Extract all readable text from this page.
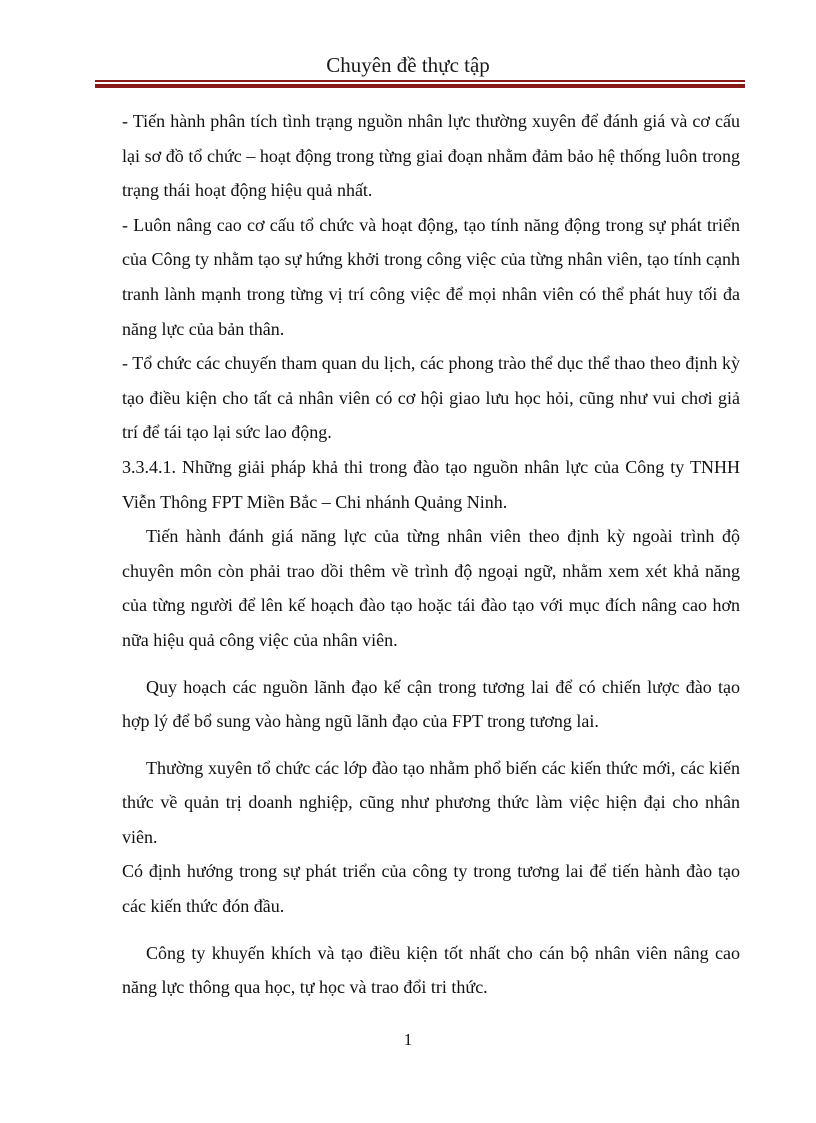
Chuyên đề thực tập

- Tiến hành phân tích tình trạng nguồn nhân lực thường xuyên để đánh giá và cơ cấu lại sơ đồ tổ chức – hoạt động trong từng giai đoạn nhằm đảm bảo hệ thống luôn trong trạng thái hoạt động hiệu quả nhất.

- Luôn nâng cao cơ cấu tổ chức và hoạt động, tạo tính năng động trong sự phát triển của Công ty nhằm tạo sự hứng khởi trong công việc của từng nhân viên, tạo tính cạnh tranh lành mạnh trong từng vị trí công việc để mọi nhân viên có thể phát huy tối đa năng lực của bản thân.

- Tổ chức các chuyến tham quan du lịch, các phong trào thể dục thể thao theo định kỳ tạo điều kiện cho tất cả nhân viên có cơ hội giao lưu học hỏi, cũng như vui chơi giả trí để tái tạo lại sức lao động.

3.3.4.1. Những giải pháp khả thi trong đào tạo nguồn nhân lực của Công ty TNHH Viễn Thông FPT Miền Bắc – Chi nhánh Quảng Ninh.

Tiến hành đánh giá năng lực của từng nhân viên theo định kỳ ngoài trình độ chuyên môn còn phải trao dồi thêm về trình độ ngoại ngữ, nhằm xem xét khả năng của từng người để lên kế hoạch đào tạo hoặc tái đào tạo với mục đích nâng cao hơn nữa hiệu quả công việc của nhân viên.

Quy hoạch các nguồn lãnh đạo kế cận trong tương lai để có chiến lược đào tạo hợp lý để bổ sung vào hàng ngũ lãnh đạo của FPT trong tương lai.

Thường xuyên tổ chức các lớp đào tạo nhằm phổ biến các kiến thức mới, các kiến thức về quản trị doanh nghiệp, cũng như phương thức làm việc hiện đại cho nhân viên.

Có định hướng trong sự phát triển của công ty trong tương lai để tiến hành đào tạo các kiến thức đón đầu.

Công ty khuyến khích và tạo điều kiện tốt nhất cho cán bộ nhân viên nâng cao năng lực thông qua học, tự học và trao đổi tri thức.

1
